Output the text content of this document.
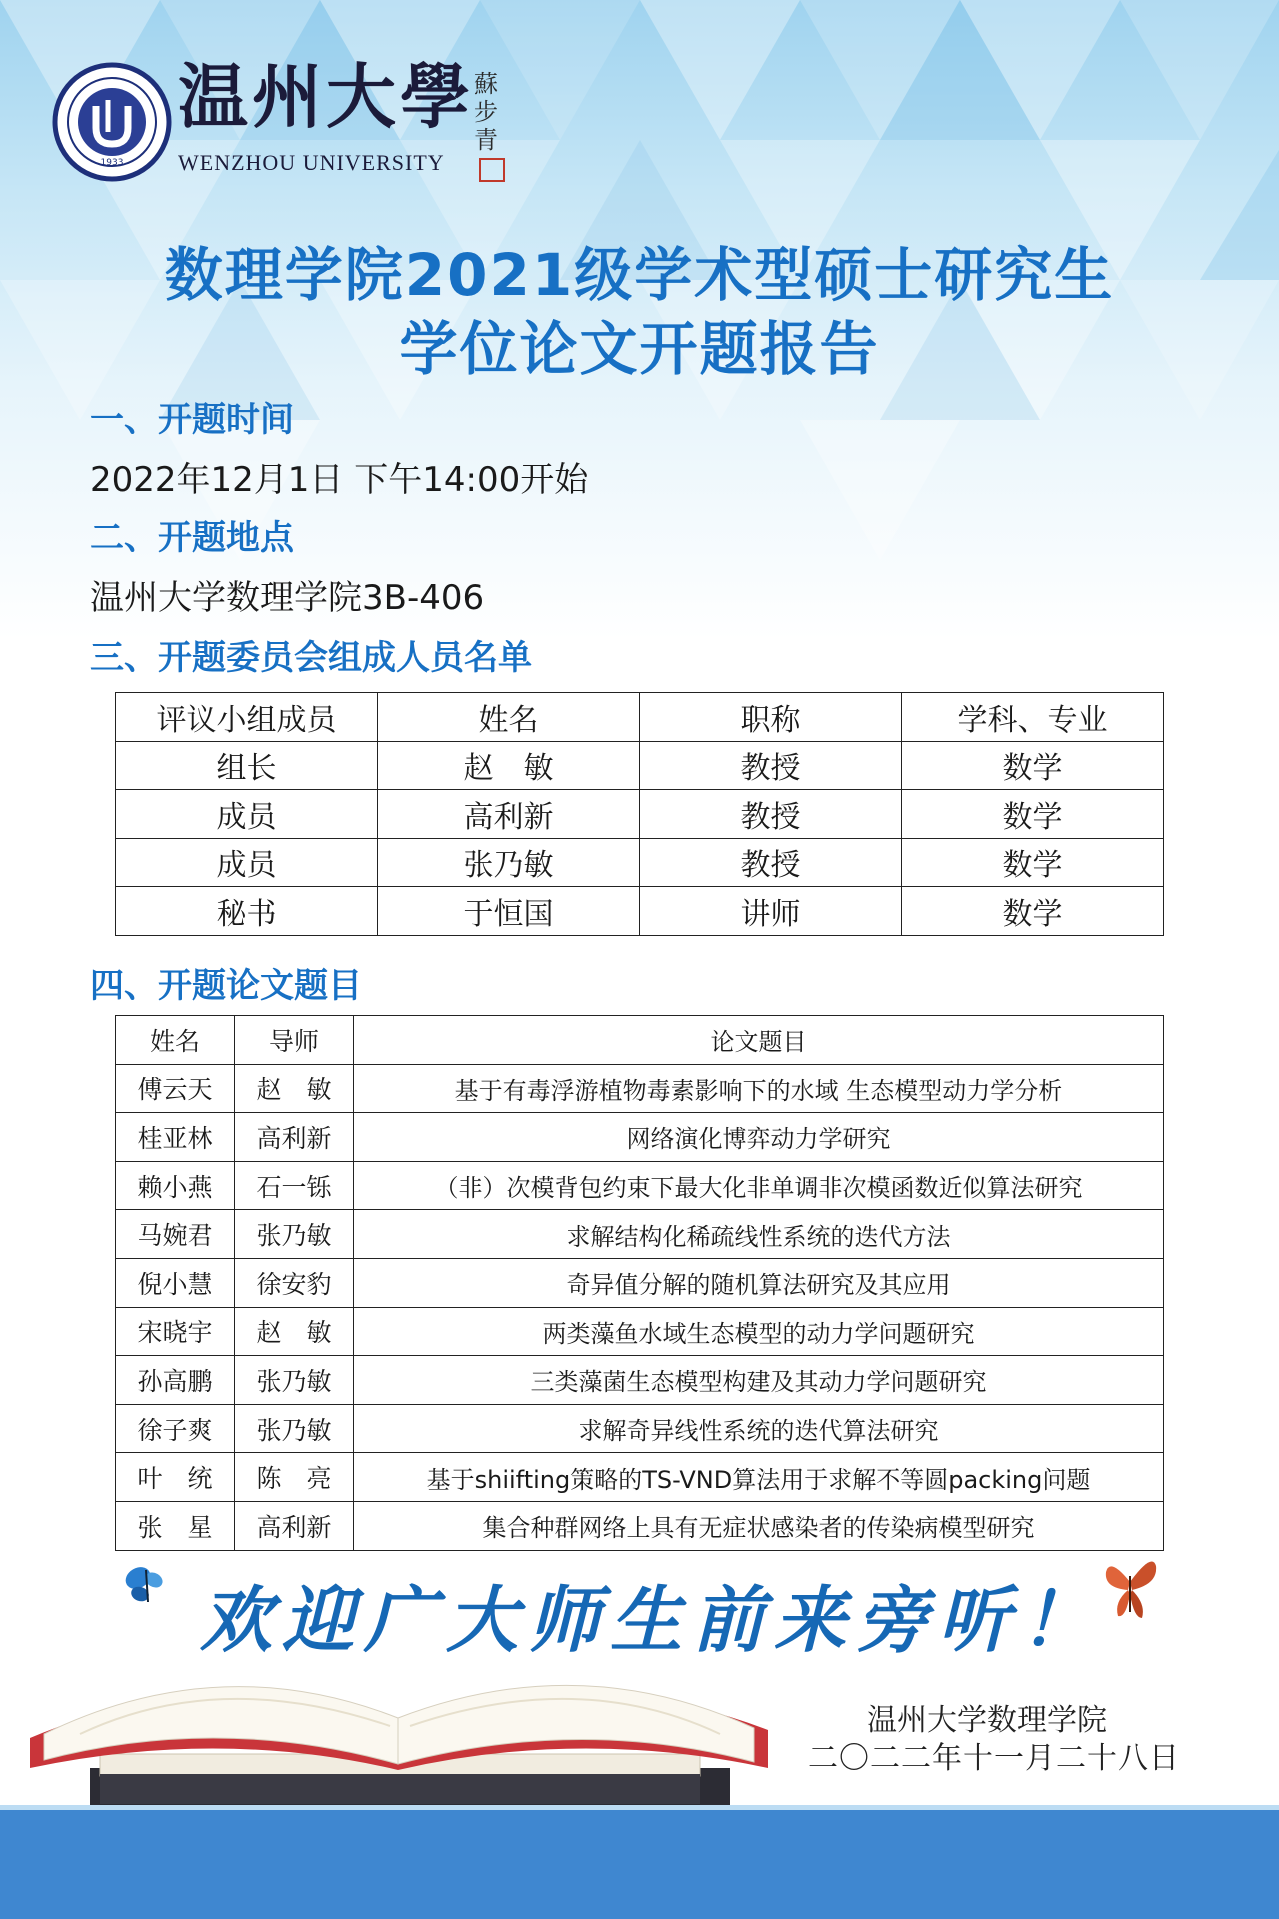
1933
温州大學
WENZHOU UNIVERSITY
蘇步青
数理学院2021级学术型硕士研究生
学位论文开题报告
一、开题时间
2022年12月1日 下午14:00开始
二、开题地点
温州大学数理学院3B-406
三、开题委员会组成人员名单
评议小组成员	姓名	职称	学科、专业
组长	赵　敏	教授	数学
成员	高利新	教授	数学
成员	张乃敏	教授	数学
秘书	于恒国	讲师	数学
四、开题论文题目
姓名	导师	论文题目
傅云天	赵　敏	基于有毒浮游植物毒素影响下的水域 生态模型动力学分析
桂亚林	高利新	网络演化博弈动力学研究
赖小燕	石一铄	（非）次模背包约束下最大化非单调非次模函数近似算法研究
马婉君	张乃敏	求解结构化稀疏线性系统的迭代方法
倪小慧	徐安豹	奇异值分解的随机算法研究及其应用
宋晓宇	赵　敏	两类藻鱼水域生态模型的动力学问题研究
孙高鹏	张乃敏	三类藻菌生态模型构建及其动力学问题研究
徐子爽	张乃敏	求解奇异线性系统的迭代算法研究
叶　统	陈　亮	基于shiifting策略的TS-VND算法用于求解不等圆packing问题
张　星	高利新	集合种群网络上具有无症状感染者的传染病模型研究
欢迎广大师生前来旁听！
温州大学数理学院
二〇二二年十一月二十八日
